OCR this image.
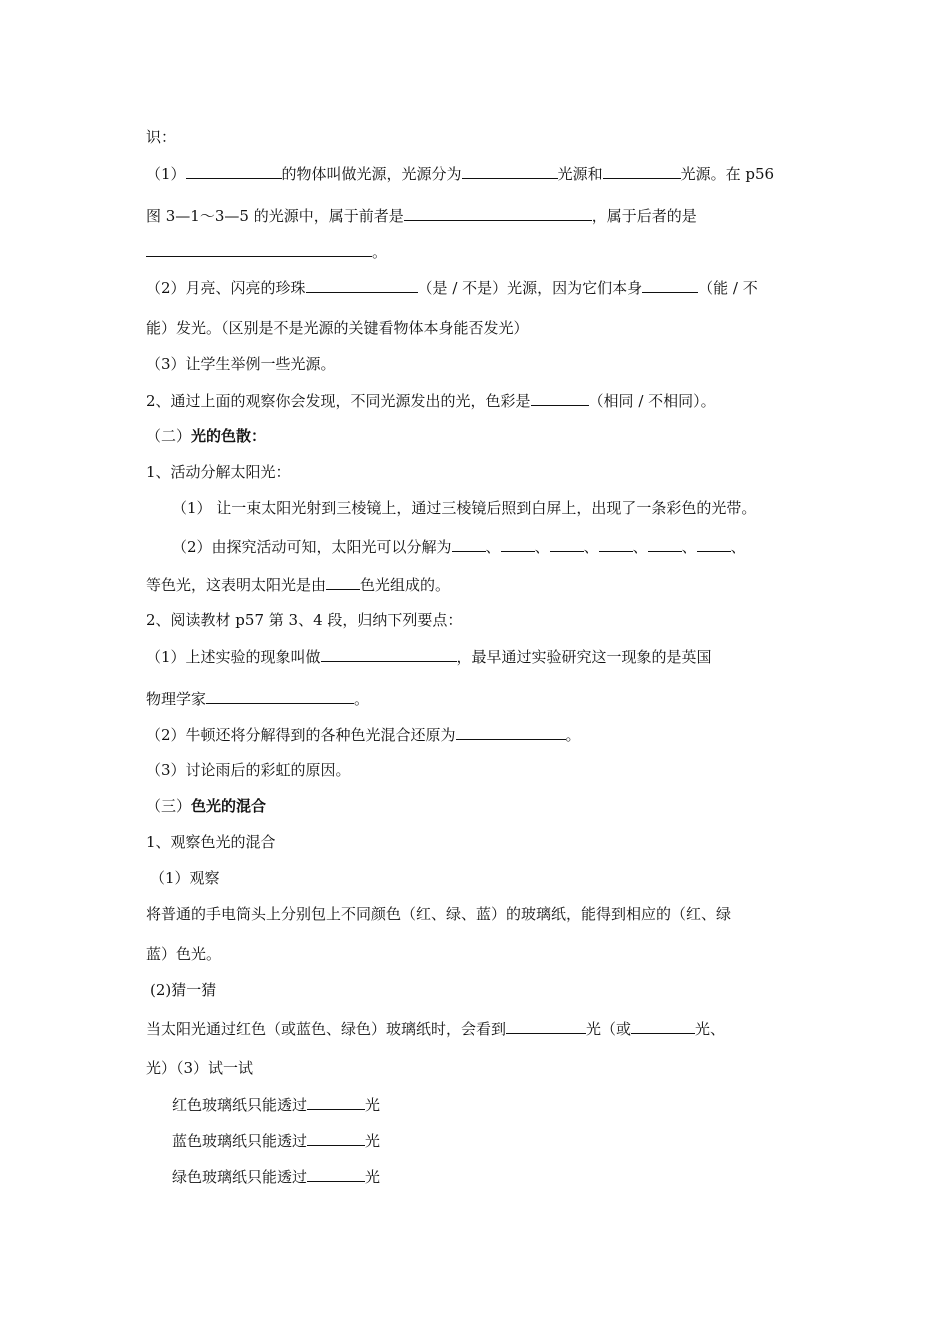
识：
（1）	的物体叫做光源，光源分为	光源和	光源。在 p56
图 3—1～3—5 的光源中，属于前者是	，属于后者的是
。
（2）月亮、闪亮的珍珠	（是 / 不是）光源，因为它们本身	（能 / 不
能）发光。（区别是不是光源的关键看物体本身能否发光）
（3）让学生举例一些光源。
2、通过上面的观察你会发现，不同光源发出的光，色彩是	（相同 / 不相同）。
（二）光的色散：
1、活动分解太阳光：
（1） 让一束太阳光射到三棱镜上，通过三棱镜后照到白屏上，出现了一条彩色的光带。
（2）由探究活动可知，太阳光可以分解为 、 、 、 、 、 、
等色光，这表明太阳光是由 色光组成的。
2、阅读教材 p57 第 3、4 段，归纳下列要点：
（1）上述实验的现象叫做	，最早通过实验研究这一现象的是英国
物理学家	。
（2）牛顿还将分解得到的各种色光混合还原为	。
（3）讨论雨后的彩虹的原因。
（三）色光的混合
1、观察色光的混合
（1）观察
将普通的手电筒头上分别包上不同颜色（红、绿、蓝）的玻璃纸，能得到相应的（红、绿
蓝）色光。
(2)猜一猜
当太阳光通过红色（或蓝色、绿色）玻璃纸时，会看到	光（或	光、
光）（3）试一试
红色玻璃纸只能透过	光
蓝色玻璃纸只能透过	光
绿色玻璃纸只能透过	光
